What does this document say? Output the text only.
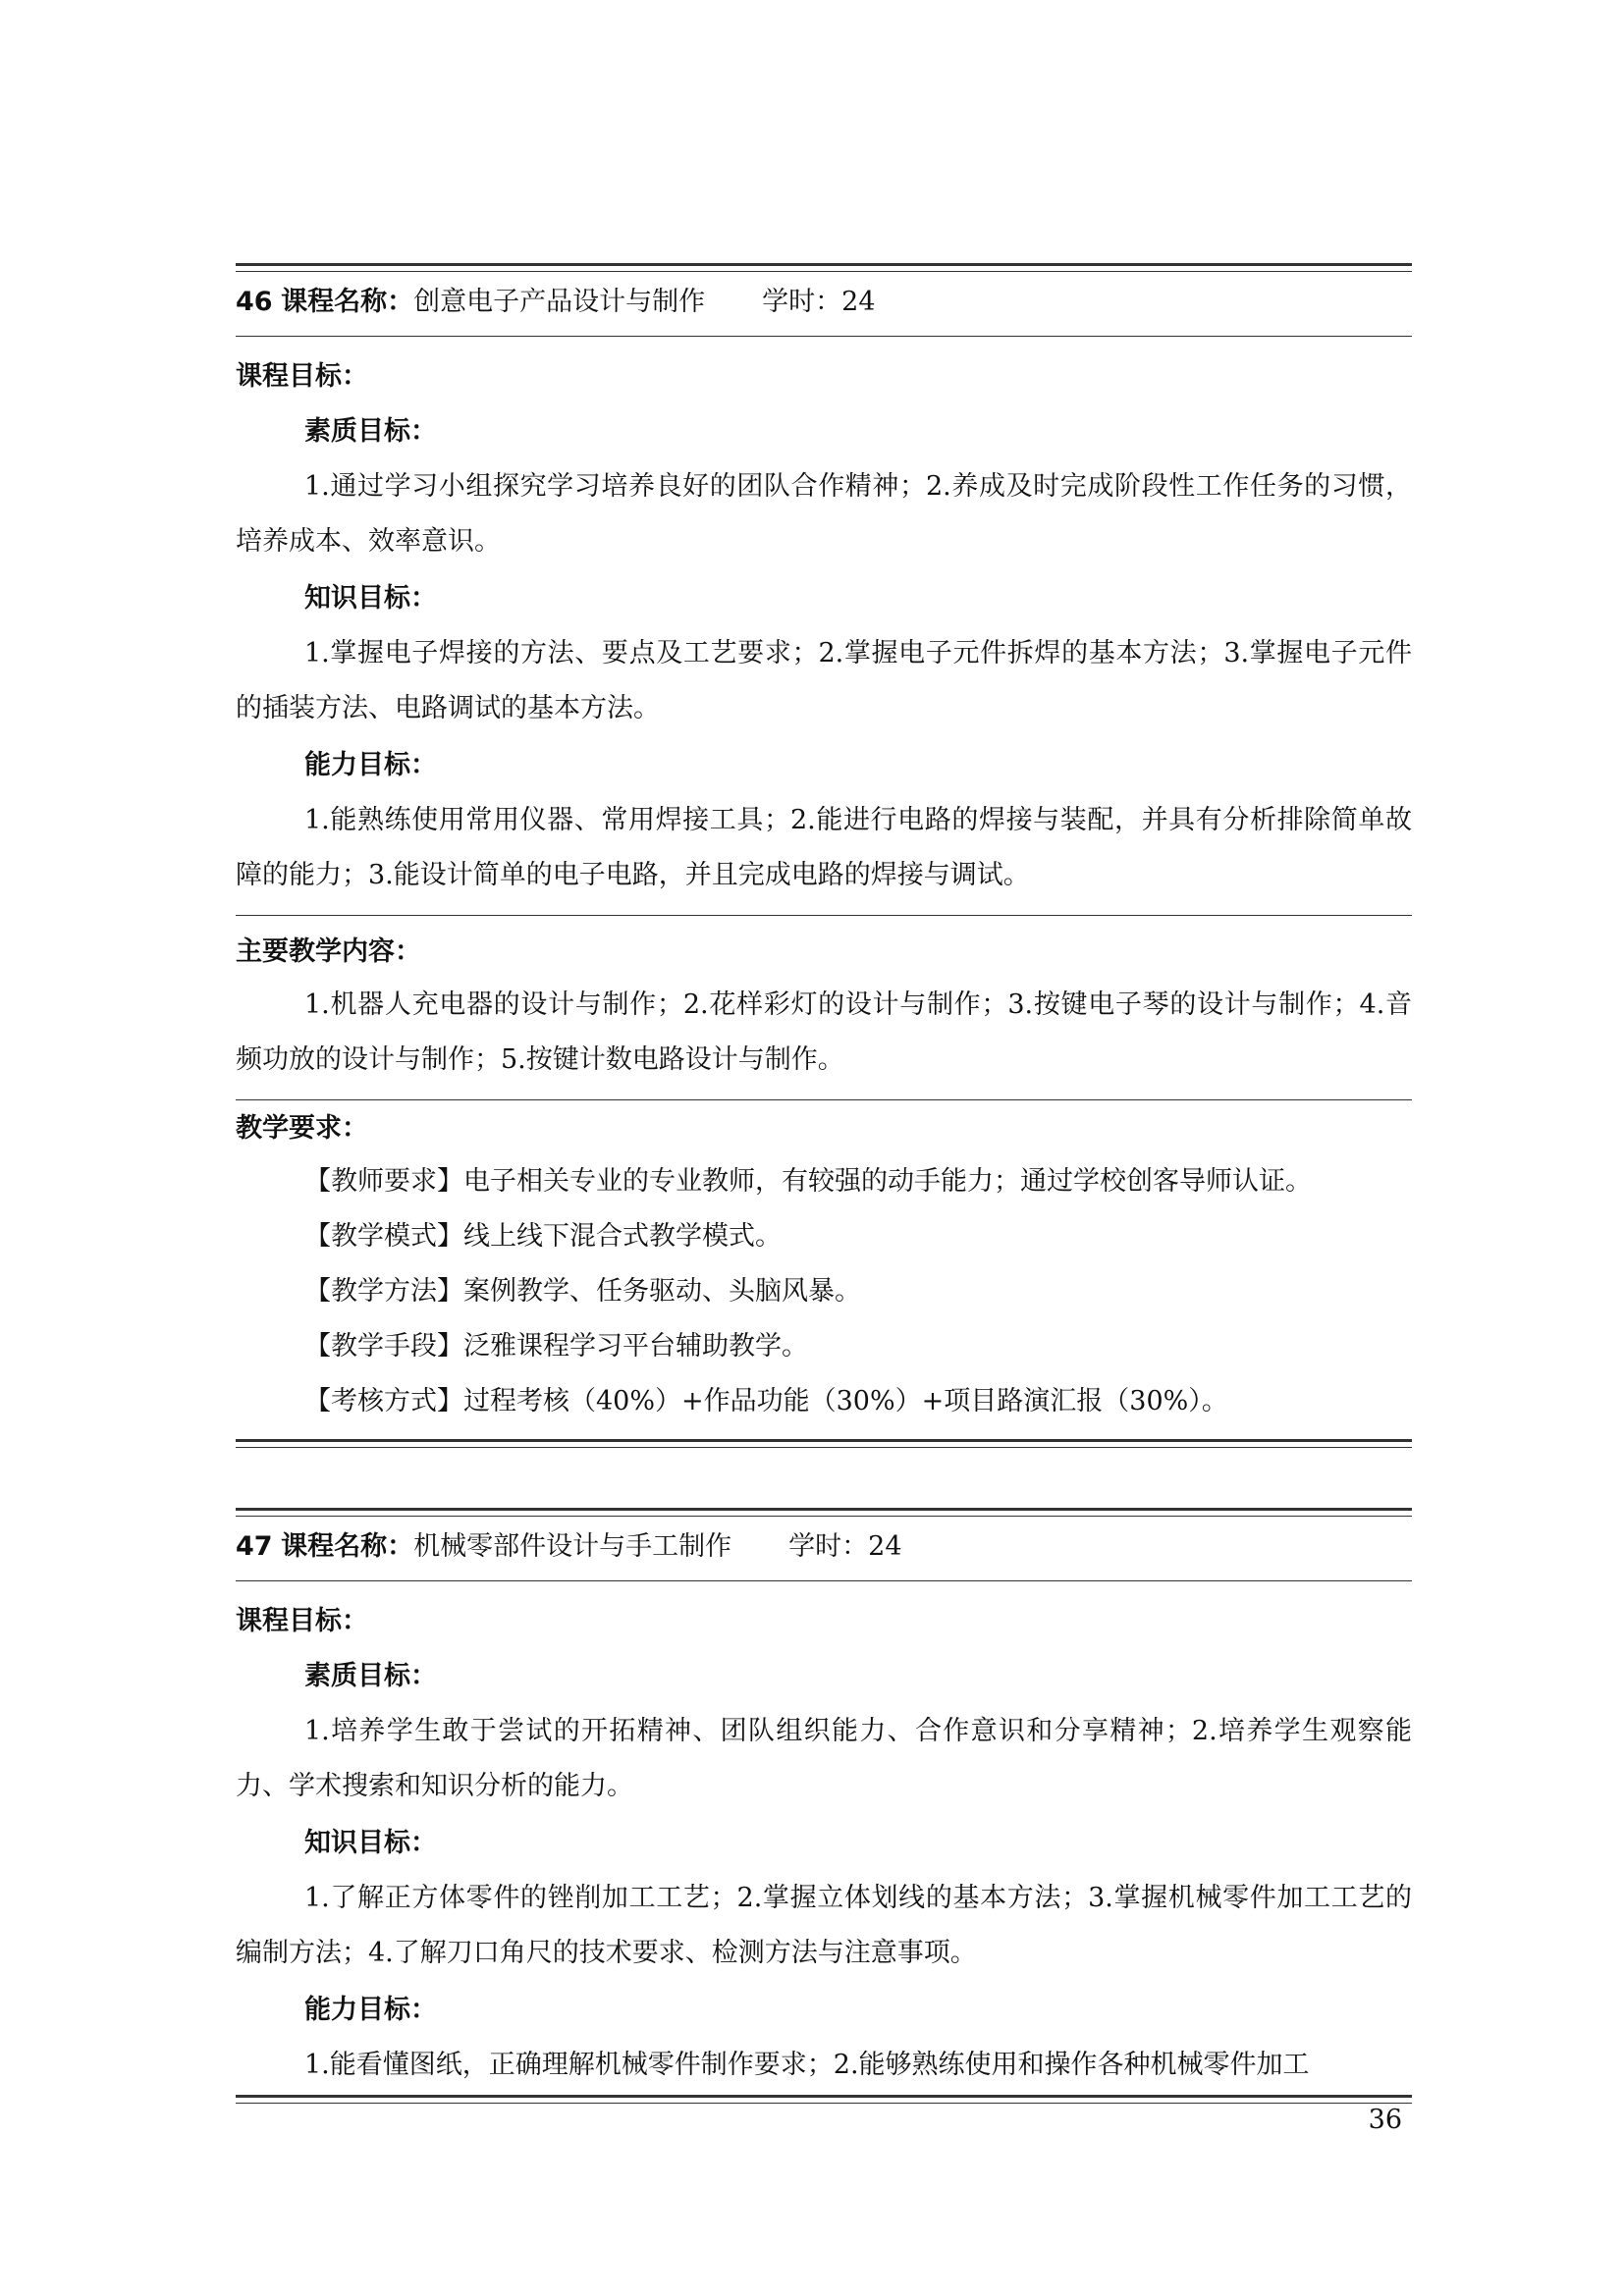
46 课程名称：创意电子产品设计与制作 学时：24
课程目标：
素质目标：
1.通过学习小组探究学习培养良好的团队合作精神；2.养成及时完成阶段性工作任务的习惯，培养成本、效率意识。
知识目标：
1.掌握电子焊接的方法、要点及工艺要求；2.掌握电子元件拆焊的基本方法；3.掌握电子元件的插装方法、电路调试的基本方法。
能力目标：
1.能熟练使用常用仪器、常用焊接工具；2.能进行电路的焊接与装配，并具有分析排除简单故障的能力；3.能设计简单的电子电路，并且完成电路的焊接与调试。
主要教学内容：
1.机器人充电器的设计与制作；2.花样彩灯的设计与制作；3.按键电子琴的设计与制作；4.音频功放的设计与制作；5.按键计数电路设计与制作。
教学要求：
【教师要求】电子相关专业的专业教师，有较强的动手能力；通过学校创客导师认证。
【教学模式】线上线下混合式教学模式。
【教学方法】案例教学、任务驱动、头脑风暴。
【教学手段】泛雅课程学习平台辅助教学。
【考核方式】过程考核（40%）+作品功能（30%）+项目路演汇报（30%）。
47 课程名称：机械零部件设计与手工制作 学时：24
课程目标：
素质目标：
1.培养学生敢于尝试的开拓精神、团队组织能力、合作意识和分享精神；2.培养学生观察能力、学术搜索和知识分析的能力。
知识目标：
1.了解正方体零件的锉削加工工艺；2.掌握立体划线的基本方法；3.掌握机械零件加工工艺的编制方法；4.了解刀口角尺的技术要求、检测方法与注意事项。
能力目标：
1.能看懂图纸，正确理解机械零件制作要求；2.能够熟练使用和操作各种机械零件加工
36
